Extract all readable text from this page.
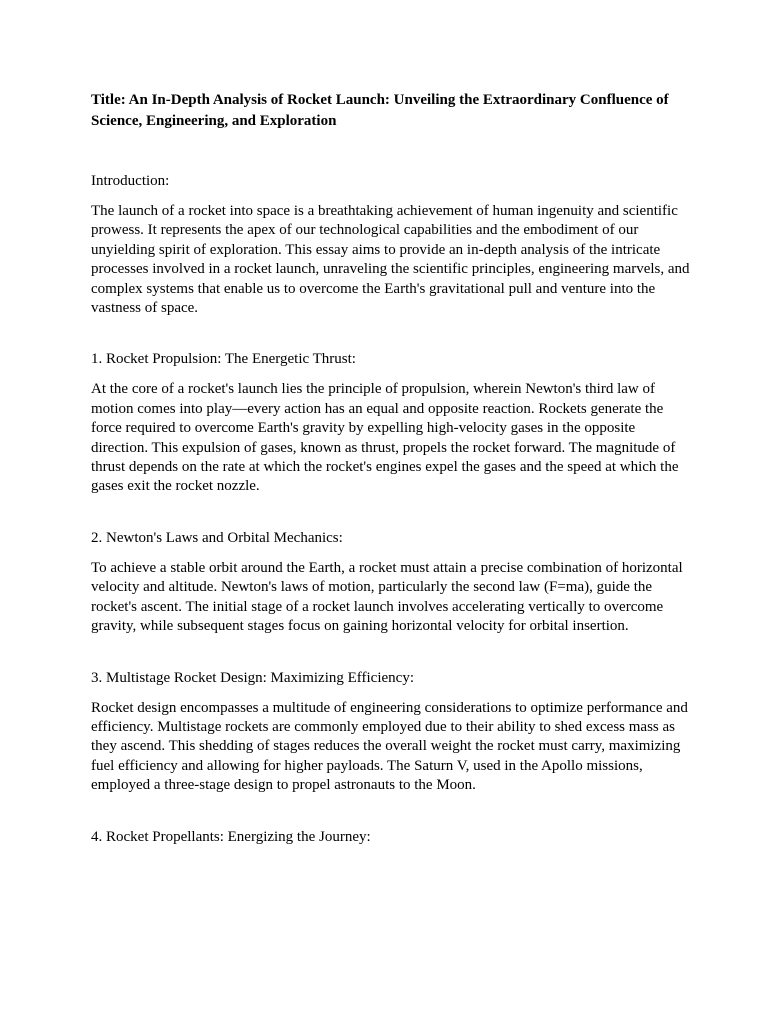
Title: An In-Depth Analysis of Rocket Launch: Unveiling the Extraordinary Confluence of Science, Engineering, and Exploration
Introduction:

The launch of a rocket into space is a breathtaking achievement of human ingenuity and scientific prowess. It represents the apex of our technological capabilities and the embodiment of our unyielding spirit of exploration. This essay aims to provide an in-depth analysis of the intricate processes involved in a rocket launch, unraveling the scientific principles, engineering marvels, and complex systems that enable us to overcome the Earth's gravitational pull and venture into the vastness of space.

1. Rocket Propulsion: The Energetic Thrust:

At the core of a rocket's launch lies the principle of propulsion, wherein Newton's third law of motion comes into play—every action has an equal and opposite reaction. Rockets generate the force required to overcome Earth's gravity by expelling high-velocity gases in the opposite direction. This expulsion of gases, known as thrust, propels the rocket forward. The magnitude of thrust depends on the rate at which the rocket's engines expel the gases and the speed at which the gases exit the rocket nozzle.

2. Newton's Laws and Orbital Mechanics:

To achieve a stable orbit around the Earth, a rocket must attain a precise combination of horizontal velocity and altitude. Newton's laws of motion, particularly the second law (F=ma), guide the rocket's ascent. The initial stage of a rocket launch involves accelerating vertically to overcome gravity, while subsequent stages focus on gaining horizontal velocity for orbital insertion.

3. Multistage Rocket Design: Maximizing Efficiency:

Rocket design encompasses a multitude of engineering considerations to optimize performance and efficiency. Multistage rockets are commonly employed due to their ability to shed excess mass as they ascend. This shedding of stages reduces the overall weight the rocket must carry, maximizing fuel efficiency and allowing for higher payloads. The Saturn V, used in the Apollo missions, employed a three-stage design to propel astronauts to the Moon.

4. Rocket Propellants: Energizing the Journey:
